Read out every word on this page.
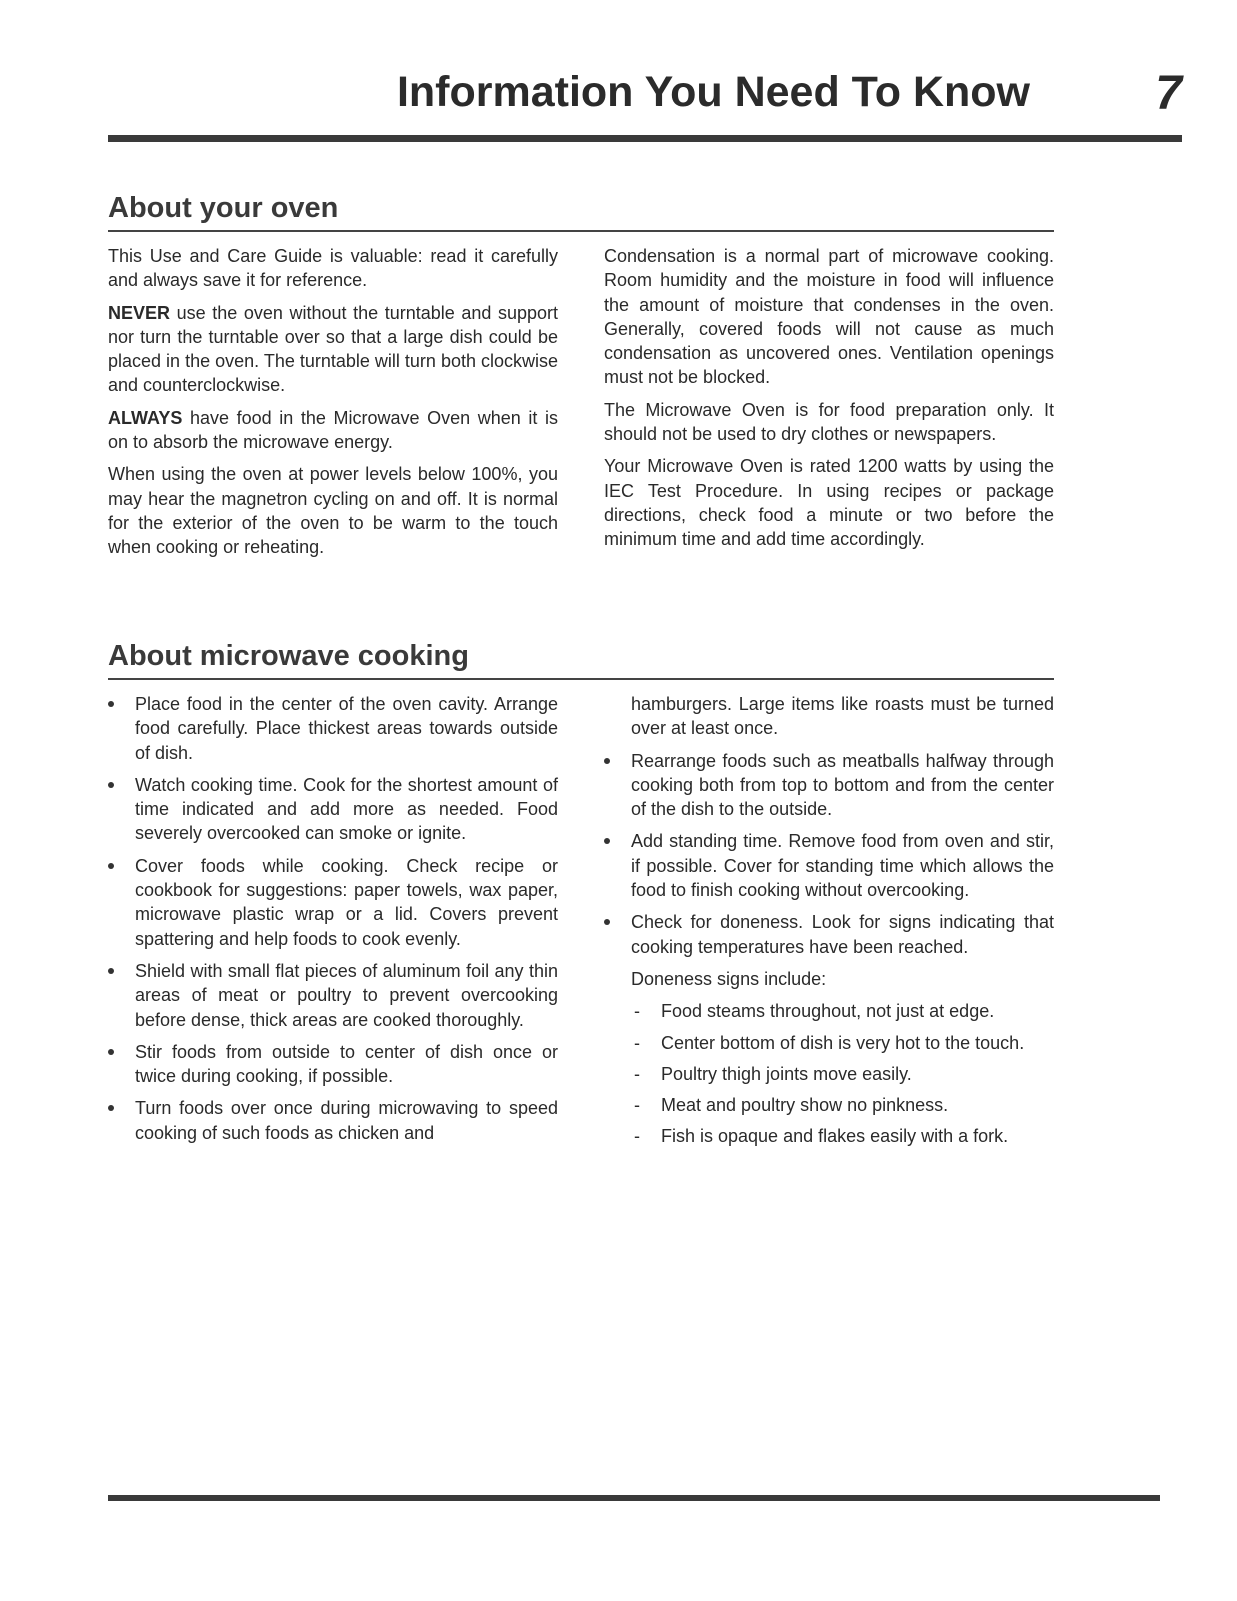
Information You Need To Know	7
About your oven

This Use and Care Guide is valuable: read it carefully and always save it for reference.

NEVER use the oven without the turntable and support nor turn the turntable over so that a large dish could be placed in the oven. The turntable will turn both clockwise and counterclockwise.

ALWAYS have food in the Microwave Oven when it is on to absorb the microwave energy.

When using the oven at power levels below 100%, you may hear the magnetron cycling on and off. It is normal for the exterior of the oven to be warm to the touch when cooking or reheating.

Condensation is a normal part of microwave cooking. Room humidity and the moisture in food will influence the amount of moisture that condenses in the oven. Generally, covered foods will not cause as much condensation as uncovered ones. Ventilation openings must not be blocked.

The Microwave Oven is for food preparation only. It should not be used to dry clothes or newspapers.

Your Microwave Oven is rated 1200 watts by using the IEC Test Procedure. In using recipes or package directions, check food a minute or two before the minimum time and add time accordingly.

About microwave cooking
Place food in the center of the oven cavity. Arrange food carefully. Place thickest areas towards outside of dish.
Watch cooking time. Cook for the shortest amount of time indicated and add more as needed. Food severely overcooked can smoke or ignite.
Cover foods while cooking. Check recipe or cookbook for suggestions: paper towels, wax paper, microwave plastic wrap or a lid. Covers prevent spattering and help foods to cook evenly.
Shield with small flat pieces of aluminum foil any thin areas of meat or poultry to prevent overcooking before dense, thick areas are cooked thoroughly.
Stir foods from outside to center of dish once or twice during cooking, if possible.
Turn foods over once during microwaving to speed cooking of such foods as chicken and
hamburgers. Large items like roasts must be turned over at least once.
Rearrange foods such as meatballs halfway through cooking both from top to bottom and from the center of the dish to the outside.
Add standing time. Remove food from oven and stir, if possible. Cover for standing time which allows the food to finish cooking without overcooking.
Check for doneness. Look for signs indicating that cooking temperatures have been reached.

Doneness signs include:

- Food steams throughout, not just at edge.
- Center bottom of dish is very hot to the touch.
- Poultry thigh joints move easily.
- Meat and poultry show no pinkness.
- Fish is opaque and flakes easily with a fork.
